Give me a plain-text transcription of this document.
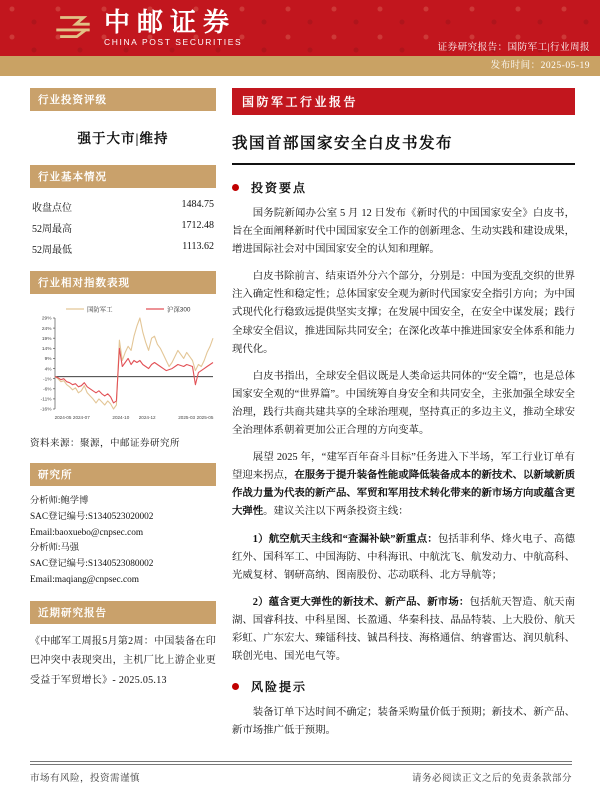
中邮证券
CHINA POST SECURITIES
证券研究报告：国防军工|行业周报
发布时间：2025-05-19
行业投资评级
强于大市|维持
行业基本情况
收盘点位	1484.75
52周最高	1712.48
52周最低	1113.62
行业相对指数表现
国防军工	沪深300
29%
24%
19%
14%
9%
4%
-1%
-6%
-11%
-16%
2024-05 2024-07	2024-10 2024-12	2025-03 2025-05
资料来源：聚源，中邮证券研究所
研究所
分析师:鲍学博
SAC登记编号:S1340523020002
Email:baoxuebo@cnpsec.com
分析师:马强
SAC登记编号:S1340523080002
Email:maqiang@cnpsec.com
近期研究报告
《中邮军工周报5月第2周：中国装备在印巴冲突中表现突出，主机厂比上游企业更受益于军贸增长》- 2025.05.13
国防军工行业报告
我国首部国家安全白皮书发布
投资要点

国务院新闻办公室 5 月 12 日发布《新时代的中国国家安全》白皮书，旨在全面阐释新时代中国国家安全工作的创新理念、生动实践和建设成果，增进国际社会对中国国家安全的认知和理解。

白皮书除前言、结束语外分六个部分，分别是：中国为变乱交织的世界注入确定性和稳定性；总体国家安全观为新时代国家安全指引方向；为中国式现代化行稳致远提供坚实支撑；在发展中国安全，在安全中谋发展；践行全球安全倡议，推进国际共同安全；在深化改革中推进国家安全体系和能力现代化。

白皮书指出，全球安全倡议既是人类命运共同体的“安全篇”，也是总体国家安全观的“世界篇”。中国统筹自身安全和共同安全，主张加强全球安全治理，践行共商共建共享的全球治理观，坚持真正的多边主义，推动全球安全治理体系朝着更加公正合理的方向变革。

展望 2025 年，“建军百年奋斗目标”任务进入下半场，军工行业订单有望迎来拐点，在服务于提升装备性能或降低装备成本的新技术、以新域新质作战力量为代表的新产品、军贸和军用技术转化带来的新市场方向或蕴含更大弹性。建议关注以下两条投资主线：

1）航空航天主线和“查漏补缺”新重点：包括菲利华、烽火电子、高德红外、国科军工、中国海防、中科海讯、中航沈飞、航发动力、中航高科、光威复材、钢研高纳、图南股份、芯动联科、北方导航等；

2）蕴含更大弹性的新技术、新产品、新市场：包括航天智造、航天南湖、国睿科技、中科星图、长盈通、华秦科技、晶品特装、上大股份、航天彩虹、广东宏大、臻镭科技、铖昌科技、海格通信、纳睿雷达、润贝航科、联创光电、国光电气等。

风险提示

装备订单下达时间不确定；装备采购量价低于预期；新技术、新产品、新市场推广低于预期。

市场有风险，投资需谨慎	请务必阅读正文之后的免责条款部分
